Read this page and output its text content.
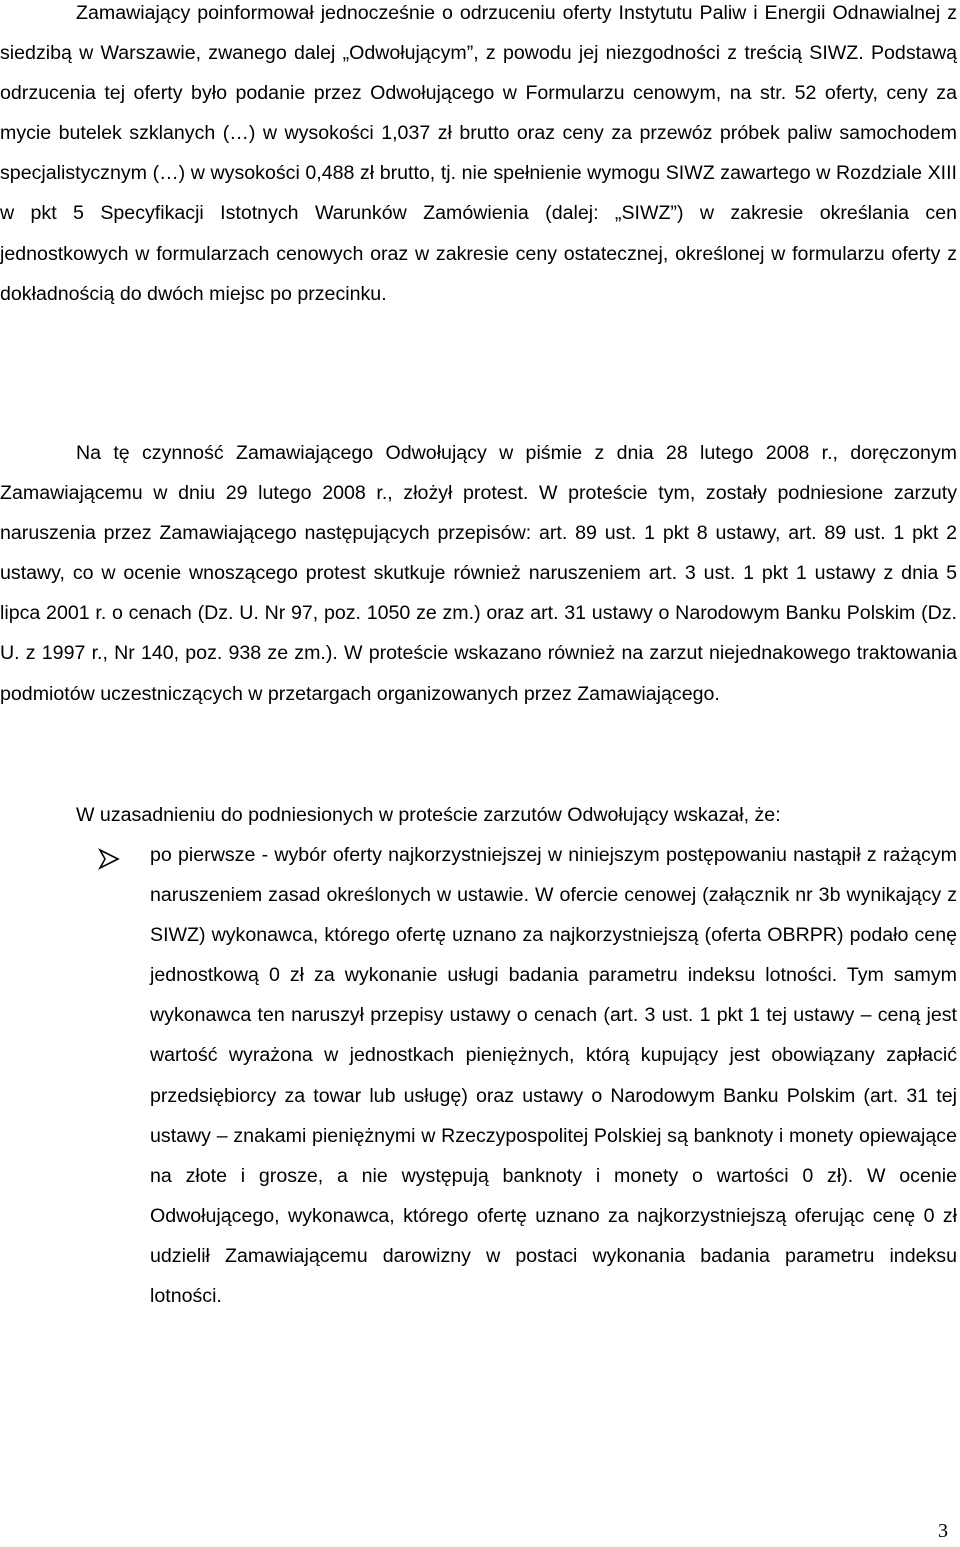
Zamawiający poinformował jednocześnie o odrzuceniu oferty Instytutu Paliw i Energii Odnawialnej z siedzibą w Warszawie, zwanego dalej „Odwołującym”, z powodu jej niezgodności z treścią SIWZ. Podstawą odrzucenia tej oferty było podanie przez Odwołującego w Formularzu cenowym, na str. 52 oferty, ceny za mycie butelek szklanych (…) w wysokości 1,037 zł brutto oraz ceny za przewóz próbek paliw samochodem specjalistycznym (…) w wysokości 0,488 zł brutto, tj. nie spełnienie wymogu SIWZ zawartego w Rozdziale XIII w pkt 5 Specyfikacji Istotnych Warunków Zamówienia (dalej: „SIWZ”) w zakresie określania cen jednostkowych w formularzach cenowych oraz w zakresie ceny ostatecznej, określonej w formularzu oferty z dokładnością do dwóch miejsc po przecinku.

Na tę czynność Zamawiającego Odwołujący w piśmie z dnia 28 lutego 2008 r., doręczonym Zamawiającemu w dniu 29 lutego 2008 r., złożył protest. W proteście tym, zostały podniesione zarzuty naruszenia przez Zamawiającego następujących przepisów: art. 89 ust. 1 pkt 8 ustawy, art. 89 ust. 1 pkt 2 ustawy, co w ocenie wnoszącego protest skutkuje również naruszeniem art. 3 ust. 1 pkt 1 ustawy z dnia 5 lipca 2001 r. o cenach (Dz. U. Nr 97, poz. 1050 ze zm.) oraz art. 31 ustawy o Narodowym Banku Polskim (Dz. U. z 1997 r., Nr 140, poz. 938 ze zm.). W proteście wskazano również na zarzut niejednakowego traktowania podmiotów uczestniczących w przetargach organizowanych przez Zamawiającego.

W uzasadnieniu do podniesionych w proteście zarzutów Odwołujący wskazał, że:

po pierwsze - wybór oferty najkorzystniejszej w niniejszym postępowaniu nastąpił z rażącym naruszeniem zasad określonych w ustawie. W ofercie cenowej (załącznik nr 3b wynikający z SIWZ) wykonawca, którego ofertę uznano za najkorzystniejszą (oferta OBRPR) podało cenę jednostkową 0 zł za wykonanie usługi badania parametru indeksu lotności. Tym samym wykonawca ten naruszył przepisy ustawy o cenach (art. 3 ust. 1 pkt 1 tej ustawy – ceną jest wartość wyrażona w jednostkach pieniężnych, którą kupujący jest obowiązany zapłacić przedsiębiorcy za towar lub usługę) oraz ustawy o Narodowym Banku Polskim (art. 31 tej ustawy – znakami pieniężnymi w Rzeczypospolitej Polskiej są banknoty i monety opiewające na złote i grosze, a nie występują banknoty i monety o wartości 0 zł). W ocenie Odwołującego, wykonawca, którego ofertę uznano za najkorzystniejszą oferując cenę 0 zł udzielił Zamawiającemu darowizny w postaci wykonania badania parametru indeksu lotności.

3
